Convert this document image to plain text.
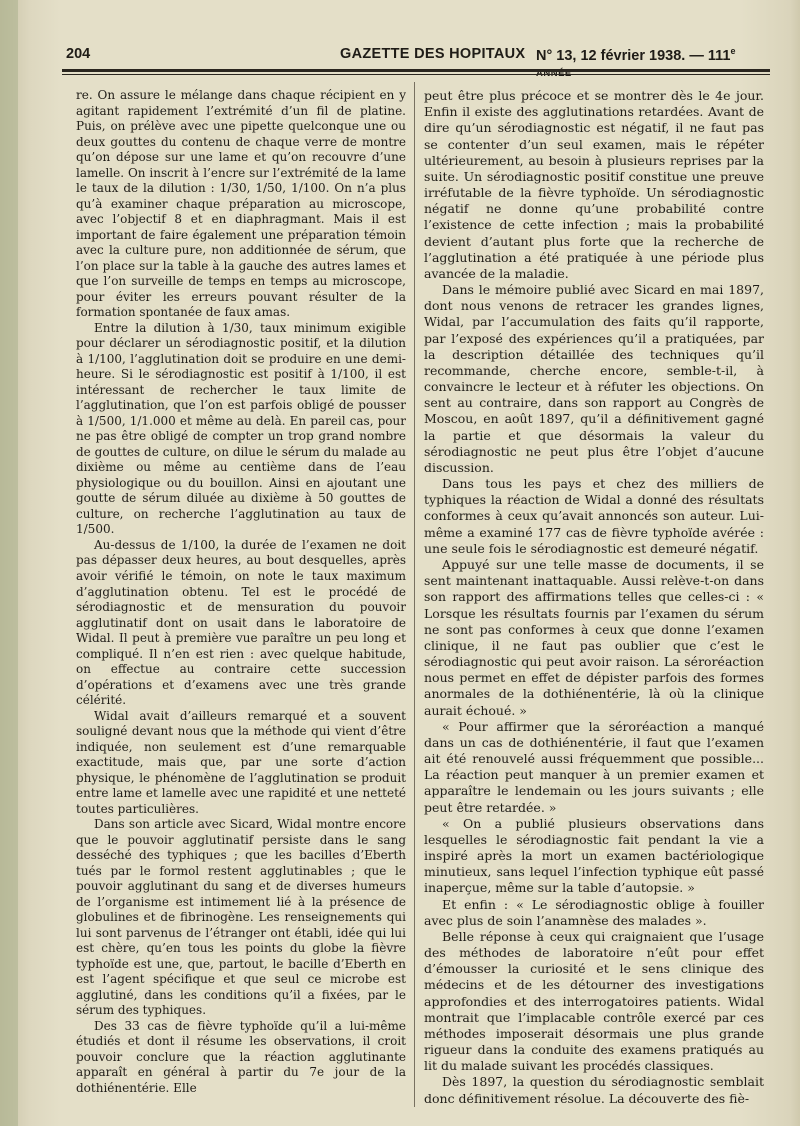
204	GAZETTE DES HOPITAUX N° 13, 12 février 1938. — 111e

re. On assure le mélange dans chaque récipient en y agitant rapidement l’extrémité d’un fil de platine. Puis, on prélève avec une pipette quelconque une ou deux gouttes du contenu de chaque verre de montre qu’on dépose sur une lame et qu’on recouvre d’une lamelle. On inscrit à l’encre sur l’extrémité de la lame le taux de la dilution : 1/30, 1/50, 1/100. On n’a plus qu’à examiner chaque préparation au microscope, avec l’objectif 8 et en diaphragmant. Mais il est important de faire également une préparation témoin avec la culture pure, non additionnée de sérum, que l’on place sur la table à la gauche des autres lames et que l’on surveille de temps en temps au microscope, pour éviter les erreurs pouvant résulter de la formation spontanée de faux amas.

Entre la dilution à 1/30, taux minimum exigible pour déclarer un sérodiagnostic positif, et la dilution à 1/100, l’agglutination doit se produire en une demi-heure. Si le sérodiagnostic est positif à 1/100, il est intéressant de rechercher le taux limite de l’agglutination, que l’on est parfois obligé de pousser à 1/500, 1/1.000 et même au delà. En pareil cas, pour ne pas être obligé de compter un trop grand nombre de gouttes de culture, on dilue le sérum du malade au dixième ou même au centième dans de l’eau physiologique ou du bouillon. Ainsi en ajoutant une goutte de sérum diluée au dixième à 50 gouttes de culture, on recherche l’agglutination au taux de 1/500.

Au-dessus de 1/100, la durée de l’examen ne doit pas dépasser deux heures, au bout desquelles, après avoir vérifié le témoin, on note le taux maximum d’agglutination obtenu. Tel est le procédé de sérodiagnostic et de mensuration du pouvoir agglutinatif dont on usait dans le laboratoire de Widal. Il peut à première vue paraître un peu long et compliqué. Il n’en est rien : avec quelque habitude, on effectue au contraire cette succession d’opérations et d’examens avec une très grande célérité.

Widal avait d’ailleurs remarqué et a souvent souligné devant nous que la méthode qui vient d’être indiquée, non seulement est d’une remarquable exactitude, mais que, par une sorte d’action physique, le phénomène de l’agglutination se produit entre lame et lamelle avec une rapidité et une netteté toutes particulières.

Dans son article avec Sicard, Widal montre encore que le pouvoir agglutinatif persiste dans le sang desséché des typhiques ; que les bacilles d’Eberth tués par le formol restent agglutinables ; que le pouvoir agglutinant du sang et de diverses humeurs de l’organisme est intimement lié à la présence de globulines et de fibrinogène. Les renseignements qui lui sont parvenus de l’étranger ont établi, idée qui lui est chère, qu’en tous les points du globe la fièvre typhoïde est une, que, partout, le bacille d’Eberth en est l’agent spécifique et que seul ce microbe est agglutiné, dans les conditions qu’il a fixées, par le sérum des typhiques.

Des 33 cas de fièvre typhoïde qu’il a lui-même étudiés et dont il résume les observations, il croit pouvoir conclure que la réaction agglutinante apparaît en général à partir du 7e jour de la dothiénentérie. Elle

peut être plus précoce et se montrer dès le 4e jour. Enfin il existe des agglutinations retardées. Avant de dire qu’un sérodiagnostic est négatif, il ne faut pas se contenter d’un seul examen, mais le répéter ultérieurement, au besoin à plusieurs reprises par la suite. Un sérodiagnostic positif constitue une preuve irréfutable de la fièvre typhoïde. Un sérodiagnostic négatif ne donne qu’une probabilité contre l’existence de cette infection ; mais la probabilité devient d’autant plus forte que la recherche de l’agglutination a été pratiquée à une période plus avancée de la maladie.

Dans le mémoire publié avec Sicard en mai 1897, dont nous venons de retracer les grandes lignes, Widal, par l’accumulation des faits qu’il rapporte, par l’exposé des expériences qu’il a pratiquées, par la description détaillée des techniques qu’il recommande, cherche encore, semble-t-il, à convaincre le lecteur et à réfuter les objections. On sent au contraire, dans son rapport au Congrès de Moscou, en août 1897, qu’il a définitivement gagné la partie et que désormais la valeur du sérodiagnostic ne peut plus être l’objet d’aucune discussion.

Dans tous les pays et chez des milliers de typhiques la réaction de Widal a donné des résultats conformes à ceux qu’avait annoncés son auteur. Lui-même a examiné 177 cas de fièvre typhoïde avérée : une seule fois le sérodiagnostic est demeuré négatif.

Appuyé sur une telle masse de documents, il se sent maintenant inattaquable. Aussi relève-t-on dans son rapport des affirmations telles que celles-ci : « Lorsque les résultats fournis par l’examen du sérum ne sont pas conformes à ceux que donne l’examen clinique, il ne faut pas oublier que c’est le sérodiagnostic qui peut avoir raison. La séroréaction nous permet en effet de dépister parfois des formes anormales de la dothiénentérie, là où la clinique aurait échoué. »

« Pour affirmer que la séroréaction a manqué dans un cas de dothiénentérie, il faut que l’examen ait été renouvelé aussi fréquemment que possible... La réaction peut manquer à un premier examen et apparaître le lendemain ou les jours suivants ; elle peut être retardée. »

« On a publié plusieurs observations dans lesquelles le sérodiagnostic fait pendant la vie a inspiré après la mort un examen bactériologique minutieux, sans lequel l’infection typhique eût passé inaperçue, même sur la table d’autopsie. »

Et enfin : « Le sérodiagnostic oblige à fouiller avec plus de soin l’anamnèse des malades ».

Belle réponse à ceux qui craignaient que l’usage des méthodes de laboratoire n’eût pour effet d’émousser la curiosité et le sens clinique des médecins et de les détourner des investigations approfondies et des interrogatoires patients. Widal montrait que l’implacable contrôle exercé par ces méthodes imposerait désormais une plus grande rigueur dans la conduite des examens pratiqués au lit du malade suivant les procédés classiques.

Dès 1897, la question du sérodiagnostic semblait donc définitivement résolue. La découverte des fiè-
